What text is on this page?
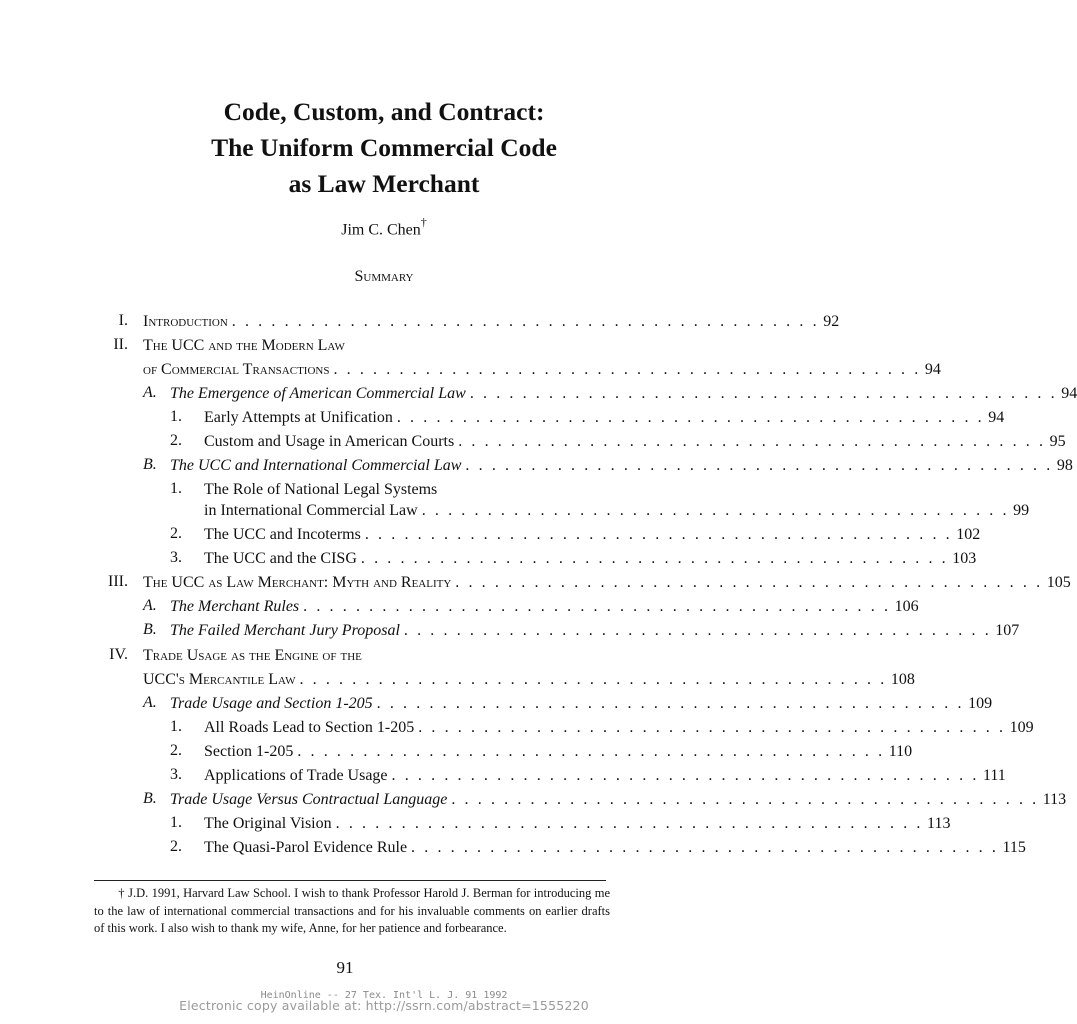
Code, Custom, and Contract:
The Uniform Commercial Code
as Law Merchant
Jim C. Chen†
Summary
I. Introduction . . . . . . . . . . . . . . . . . . . . . . . . . . . . . . . . . . . . . . . . . . . . . 92
II. The UCC and the Modern Law
of Commercial Transactions . . . . . . . . . . . . . . . . . . . . . . . . . . . . . . . . . . . . . . . . . . . . . 94
A. The Emergence of American Commercial Law . . . . . . . . . . . . . . . . . . . . . . . . . . . . . . . . . . . . . . . . . . . . . 94
1. Early Attempts at Unification . . . . . . . . . . . . . . . . . . . . . . . . . . . . . . . . . . . . . . . . . . . . . 94
2. Custom and Usage in American Courts . . . . . . . . . . . . . . . . . . . . . . . . . . . . . . . . . . . . . . . . . . . . . 95
B. The UCC and International Commercial Law . . . . . . . . . . . . . . . . . . . . . . . . . . . . . . . . . . . . . . . . . . . . . 98
1. The Role of National Legal Systems
in International Commercial Law . . . . . . . . . . . . . . . . . . . . . . . . . . . . . . . . . . . . . . . . . . . . . 99
2. The UCC and Incoterms . . . . . . . . . . . . . . . . . . . . . . . . . . . . . . . . . . . . . . . . . . . . . 102
3. The UCC and the CISG . . . . . . . . . . . . . . . . . . . . . . . . . . . . . . . . . . . . . . . . . . . . . 103
III. The UCC as Law Merchant: Myth and Reality . . . . . . . . . . . . . . . . . . . . . . . . . . . . . . . . . . . . . . . . . . . . . 105
A. The Merchant Rules . . . . . . . . . . . . . . . . . . . . . . . . . . . . . . . . . . . . . . . . . . . . . 106
B. The Failed Merchant Jury Proposal . . . . . . . . . . . . . . . . . . . . . . . . . . . . . . . . . . . . . . . . . . . . . 107
IV. Trade Usage as the Engine of the
UCC's Mercantile Law . . . . . . . . . . . . . . . . . . . . . . . . . . . . . . . . . . . . . . . . . . . . . 108
A. Trade Usage and Section 1-205 . . . . . . . . . . . . . . . . . . . . . . . . . . . . . . . . . . . . . . . . . . . . . 109
1. All Roads Lead to Section 1-205 . . . . . . . . . . . . . . . . . . . . . . . . . . . . . . . . . . . . . . . . . . . . . 109
2. Section 1-205 . . . . . . . . . . . . . . . . . . . . . . . . . . . . . . . . . . . . . . . . . . . . . 110
3. Applications of Trade Usage . . . . . . . . . . . . . . . . . . . . . . . . . . . . . . . . . . . . . . . . . . . . . 111
B. Trade Usage Versus Contractual Language . . . . . . . . . . . . . . . . . . . . . . . . . . . . . . . . . . . . . . . . . . . . . 113
1. The Original Vision . . . . . . . . . . . . . . . . . . . . . . . . . . . . . . . . . . . . . . . . . . . . . 113
2. The Quasi-Parol Evidence Rule . . . . . . . . . . . . . . . . . . . . . . . . . . . . . . . . . . . . . . . . . . . . . 115
† J.D. 1991, Harvard Law School. I wish to thank Professor Harold J. Berman for introducing me to the law of international commercial transactions and for his invaluable comments on earlier drafts of this work. I also wish to thank my wife, Anne, for her patience and forbearance.
91
HeinOnline -- 27 Tex. Int'l L. J. 91 1992
Electronic copy available at: http://ssrn.com/abstract=1555220
